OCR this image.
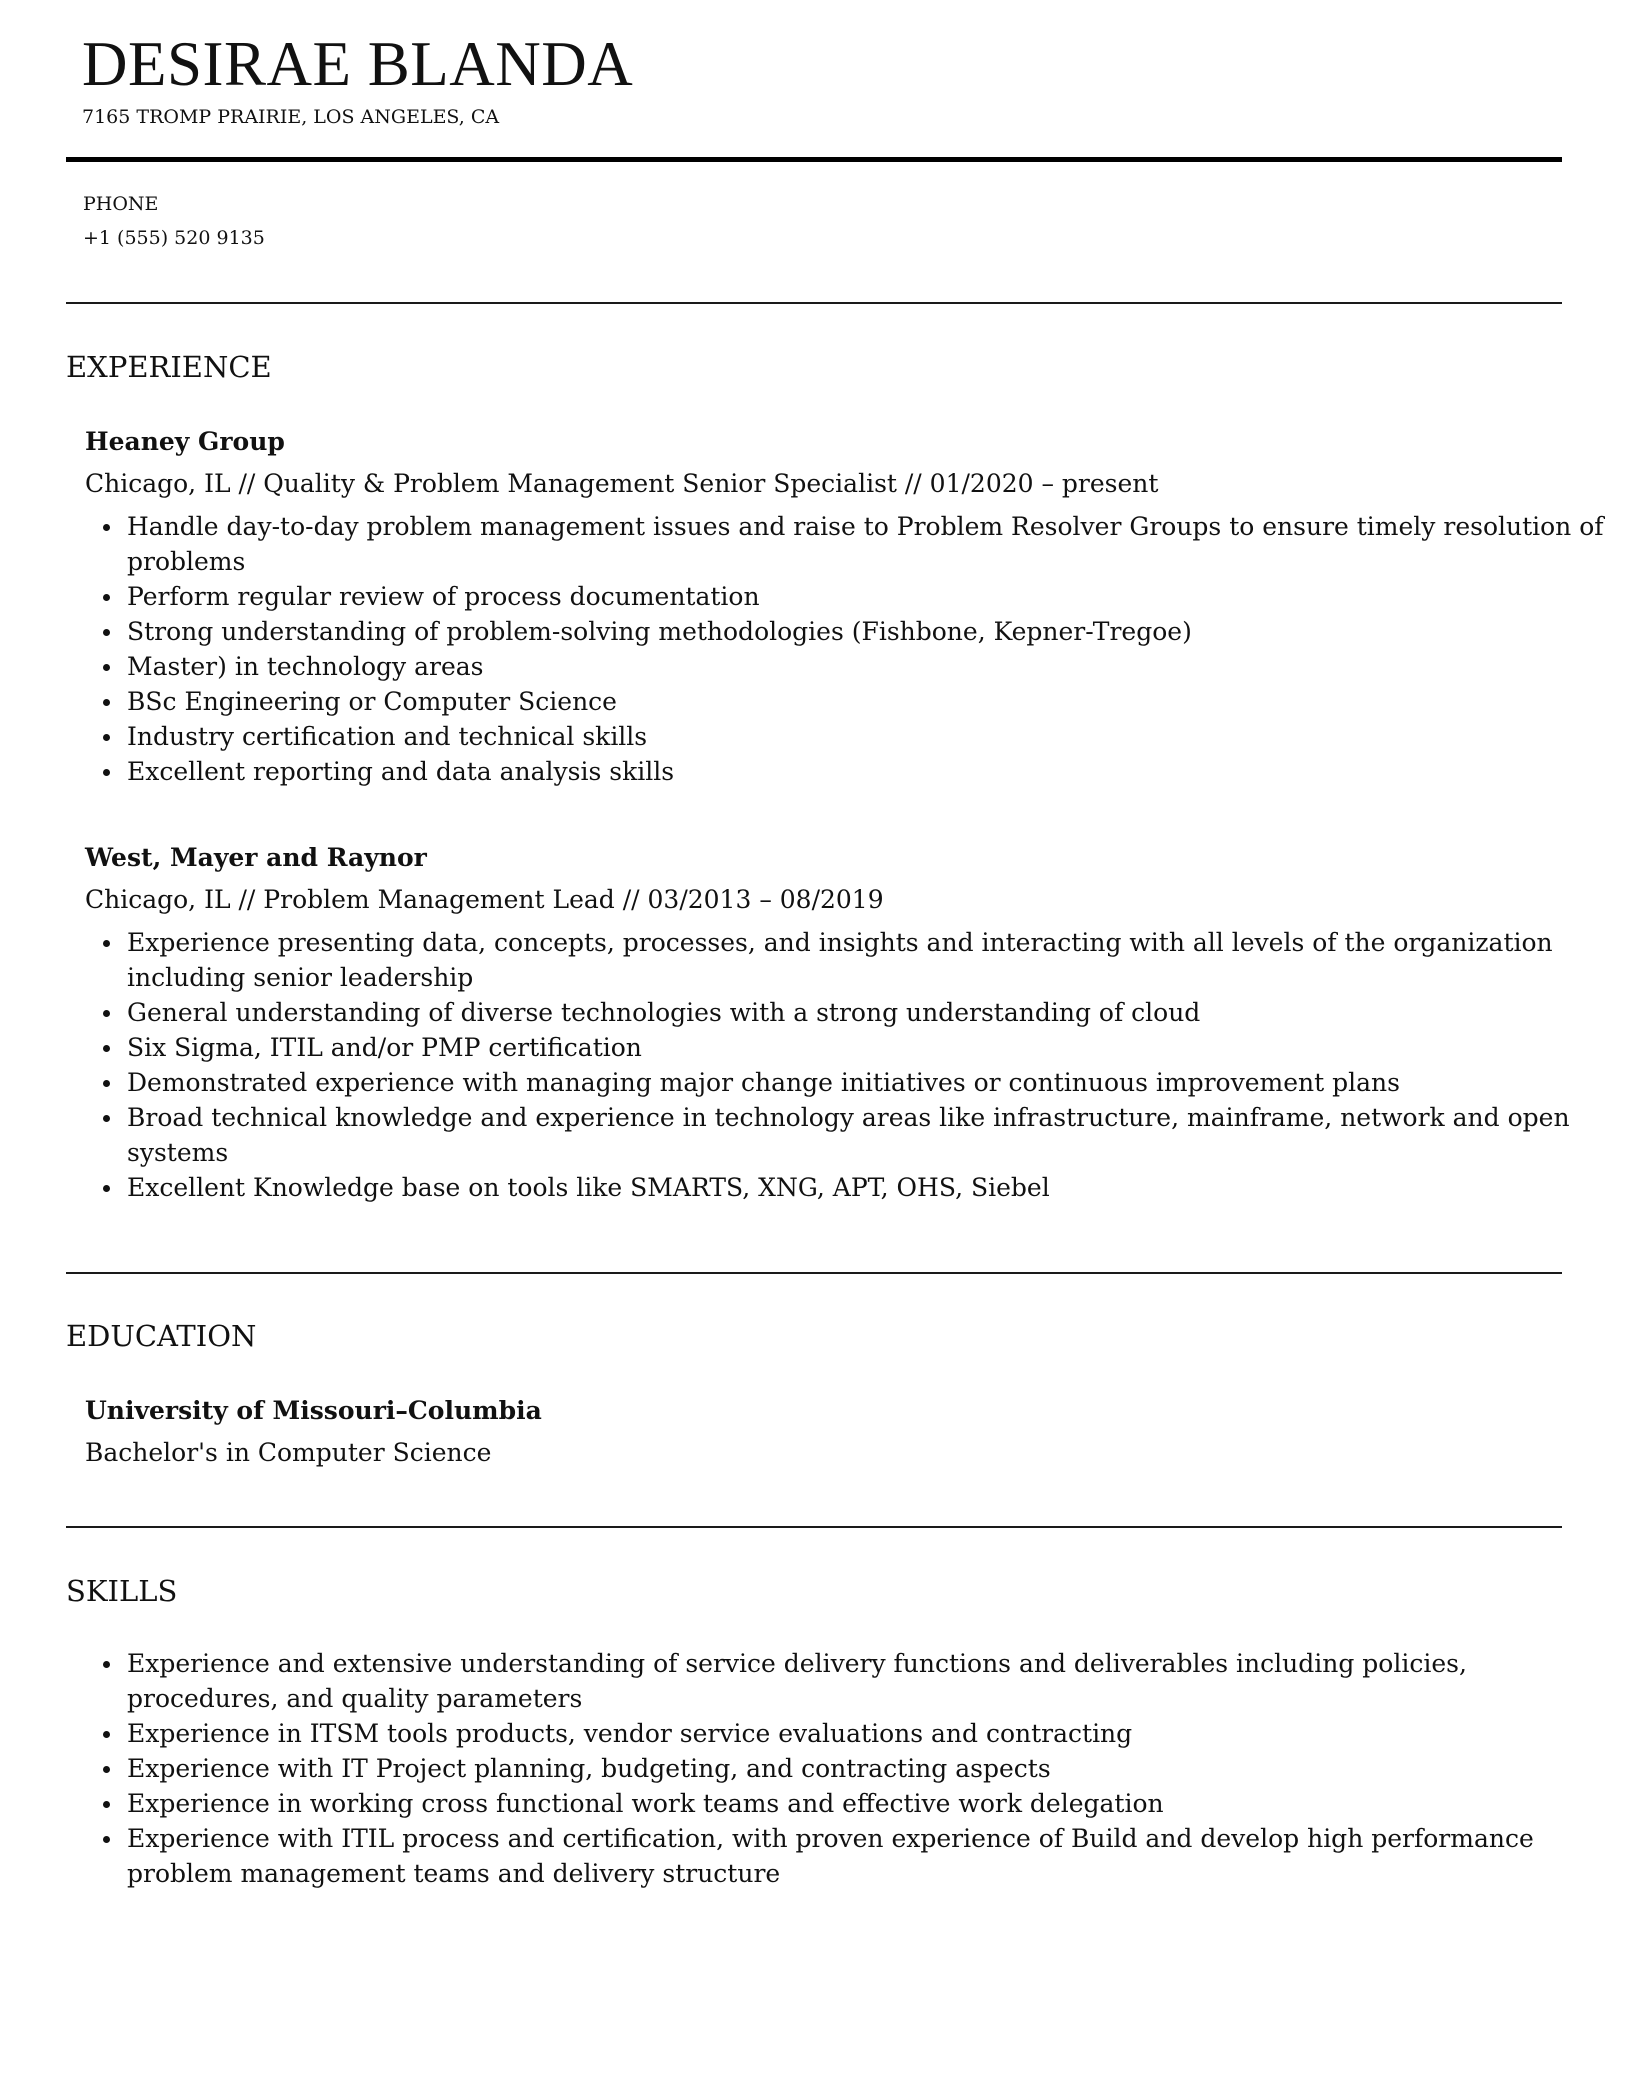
DESIRAE BLANDA
7165 TROMP PRAIRIE, LOS ANGELES, CA
PHONE
+1 (555) 520 9135
EXPERIENCE
Heaney Group
Chicago, IL // Quality & Problem Management Senior Specialist // 01/2020 – present
Handle day-to-day problem management issues and raise to Problem Resolver Groups to ensure timely resolution of problems
Perform regular review of process documentation
Strong understanding of problem-solving methodologies (Fishbone, Kepner-Tregoe)
Master) in technology areas
BSc Engineering or Computer Science
Industry certification and technical skills
Excellent reporting and data analysis skills
West, Mayer and Raynor
Chicago, IL // Problem Management Lead // 03/2013 – 08/2019
Experience presenting data, concepts, processes, and insights and interacting with all levels of the organization including senior leadership
General understanding of diverse technologies with a strong understanding of cloud
Six Sigma, ITIL and/or PMP certification
Demonstrated experience with managing major change initiatives or continuous improvement plans
Broad technical knowledge and experience in technology areas like infrastructure, mainframe, network and open systems
Excellent Knowledge base on tools like SMARTS, XNG, APT, OHS, Siebel
EDUCATION
University of Missouri–Columbia
Bachelor's in Computer Science
SKILLS
Experience and extensive understanding of service delivery functions and deliverables including policies, procedures, and quality parameters
Experience in ITSM tools products, vendor service evaluations and contracting
Experience with IT Project planning, budgeting, and contracting aspects
Experience in working cross functional work teams and effective work delegation
Experience with ITIL process and certification, with proven experience of Build and develop high performance problem management teams and delivery structure
